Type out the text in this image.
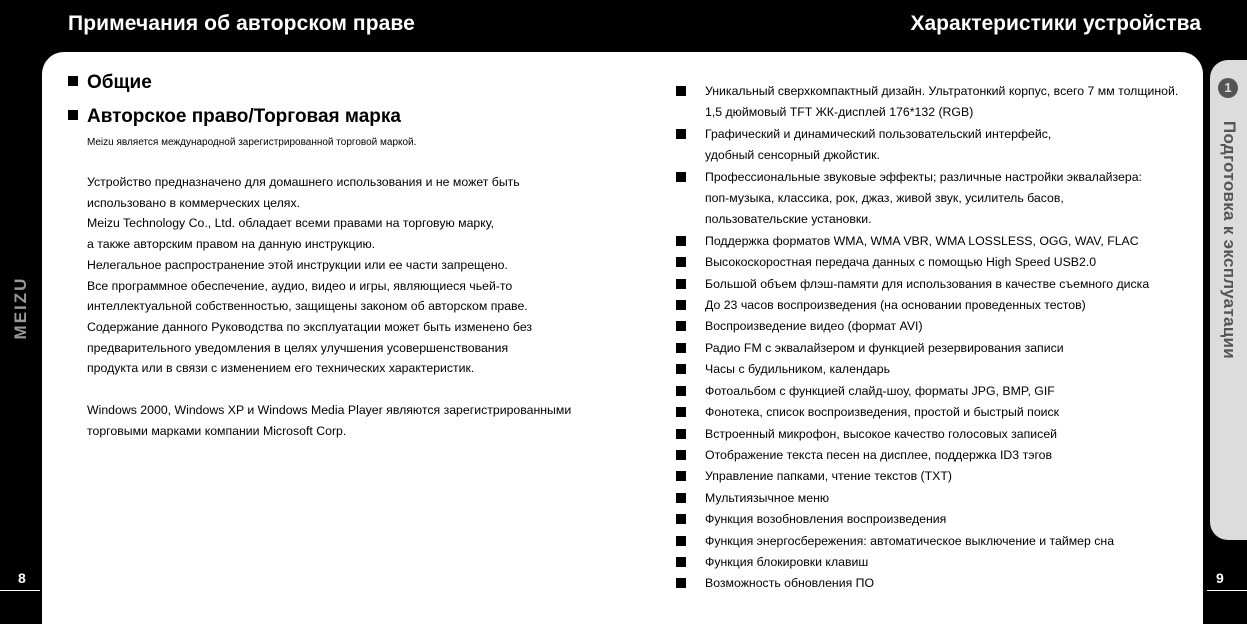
Примечания об авторском праве	Характеристики устройства
1
Подготовка к эксплуатации
MEIZU
8	9
Общие
Авторское право/Торговая марка
Meizu является международной зарегистрированной торговой маркой.
Устройство предназначено для домашнего использования и не может быть
использовано в коммерческих целях.
Meizu Technology Co., Ltd. обладает всеми правами на торговую марку,
а также авторским правом на данную инструкцию.
Нелегальное распространение этой инструкции или ее части запрещено.
Все программное обеспечение, аудио, видео и игры, являющиеся чьей-то
интеллектуальной собственностью, защищены законом об авторском праве.
Содержание данного Руководства по эксплуатации может быть изменено без
предварительного уведомления в целях улучшения усовершенствования
продукта или в связи с изменением его технических характеристик.
Windows 2000, Windows XP и Windows Media Player являются зарегистрированными
торговыми марками компании Microsoft Corp.
Уникальный сверхкомпактный дизайн. Ультратонкий корпус, всего 7 мм толщиной.
1,5 дюймовый TFT ЖК-дисплей 176*132 (RGB)
Графический и динамический пользовательский интерфейс,
удобный сенсорный джойстик.
Профессиональные звуковые эффекты; различные настройки эквалайзера:
поп-музыка, классика, рок, джаз, живой звук, усилитель басов,
пользовательские установки.
Поддержка форматов WMA, WMA VBR, WMA LOSSLESS, OGG, WAV, FLAC
Высокоскоростная передача данных с помощью High Speed USB2.0
Большой объем флэш-памяти для использования в качестве съемного диска
До 23 часов воспроизведения (на основании проведенных тестов)
Воспроизведение видео (формат AVI)
Радио FM с эквалайзером и функцией резервирования записи
Часы с будильником, календарь
Фотоальбом с функцией слайд-шоу, форматы JPG, BMP, GIF
Фонотека, список воспроизведения, простой и быстрый поиск
Встроенный микрофон, высокое качество голосовых записей
Отображение текста песен на дисплее, поддержка ID3 тэгов
Управление папками, чтение текстов (TXT)
Мультиязычное меню
Функция возобновления воспроизведения
Функция энергосбережения: автоматическое выключение и таймер сна
Функция блокировки клавиш
Возможность обновления ПО
